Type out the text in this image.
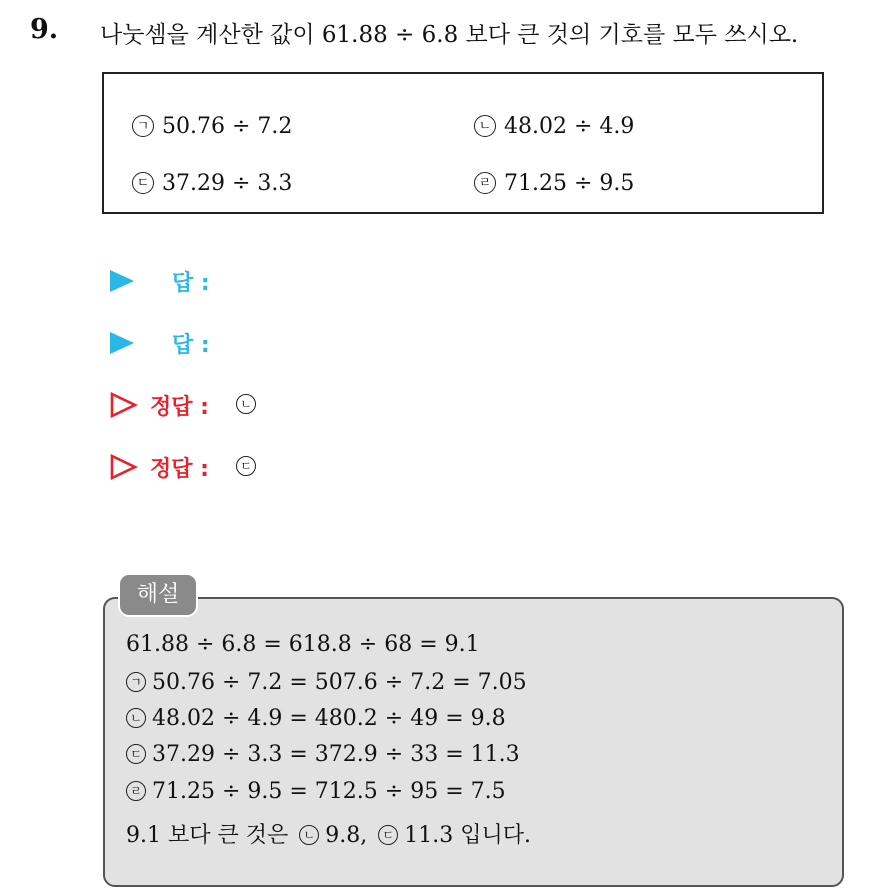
9. 나눗셈을 계산한 값이 61.88 ÷ 6.8 보다 큰 것의 기호를 모두 쓰시오.
ㄱ 50.76 ÷ 7.2	ㄴ 48.02 ÷ 4.9
ㄷ 37.29 ÷ 3.3	ㄹ 71.25 ÷ 9.5
답 :
답 :
정답 :	ㄴ
정답 :	ㄷ
해설
61.88 ÷ 6.8 = 618.8 ÷ 68 = 9.1
ㄱ 50.76 ÷ 7.2 = 507.6 ÷ 7.2 = 7.05
ㄴ 48.02 ÷ 4.9 = 480.2 ÷ 49 = 9.8
ㄷ 37.29 ÷ 3.3 = 372.9 ÷ 33 = 11.3
ㄹ 71.25 ÷ 9.5 = 712.5 ÷ 95 = 7.5
9.1 보다 큰 것은 ㄴ 9.8, ㄷ 11.3 입니다.
